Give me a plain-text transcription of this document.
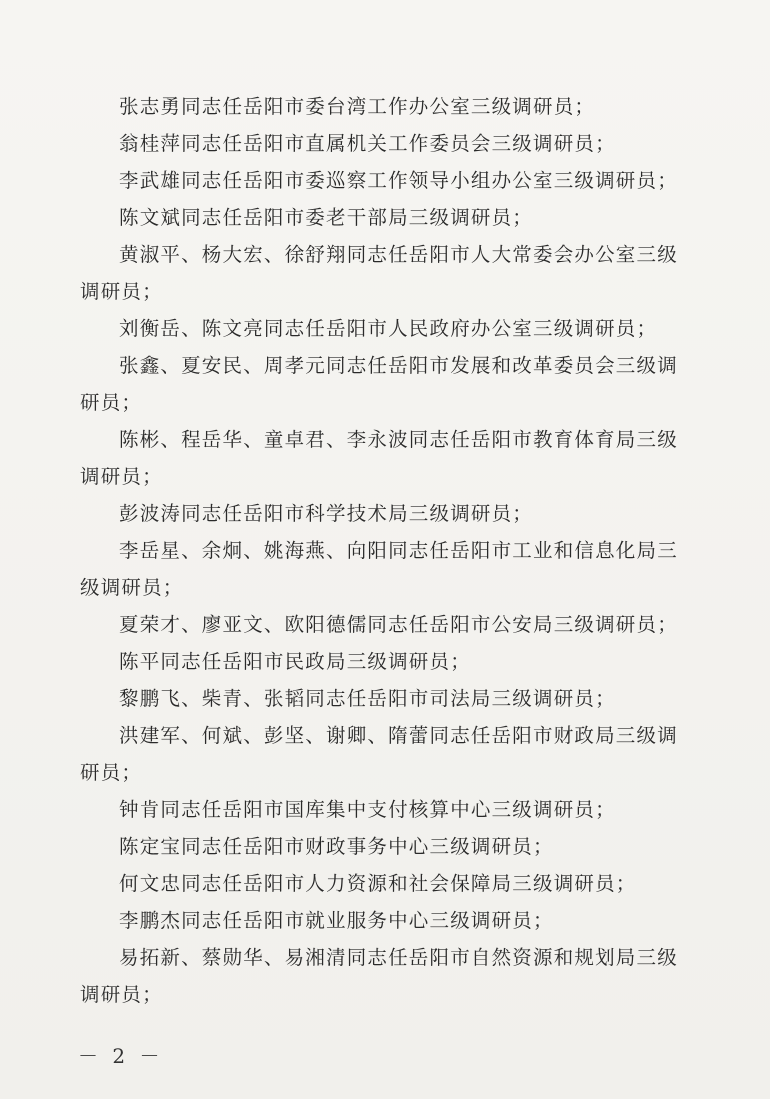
张志勇同志任岳阳市委台湾工作办公室三级调研员；

翁桂萍同志任岳阳市直属机关工作委员会三级调研员；

李武雄同志任岳阳市委巡察工作领导小组办公室三级调研员；

陈文斌同志任岳阳市委老干部局三级调研员；

黄淑平、杨大宏、徐舒翔同志任岳阳市人大常委会办公室三级调研员；

刘衡岳、陈文亮同志任岳阳市人民政府办公室三级调研员；

张鑫、夏安民、周孝元同志任岳阳市发展和改革委员会三级调研员；

陈彬、程岳华、童卓君、李永波同志任岳阳市教育体育局三级调研员；

彭波涛同志任岳阳市科学技术局三级调研员；

李岳星、余炯、姚海燕、向阳同志任岳阳市工业和信息化局三级调研员；

夏荣才、廖亚文、欧阳德儒同志任岳阳市公安局三级调研员；

陈平同志任岳阳市民政局三级调研员；

黎鹏飞、柴青、张韬同志任岳阳市司法局三级调研员；

洪建军、何斌、彭坚、谢卿、隋蕾同志任岳阳市财政局三级调研员；

钟肯同志任岳阳市国库集中支付核算中心三级调研员；

陈定宝同志任岳阳市财政事务中心三级调研员；

何文忠同志任岳阳市人力资源和社会保障局三级调研员；

李鹏杰同志任岳阳市就业服务中心三级调研员；

易拓新、蔡勋华、易湘清同志任岳阳市自然资源和规划局三级调研员；

－ 2 －
